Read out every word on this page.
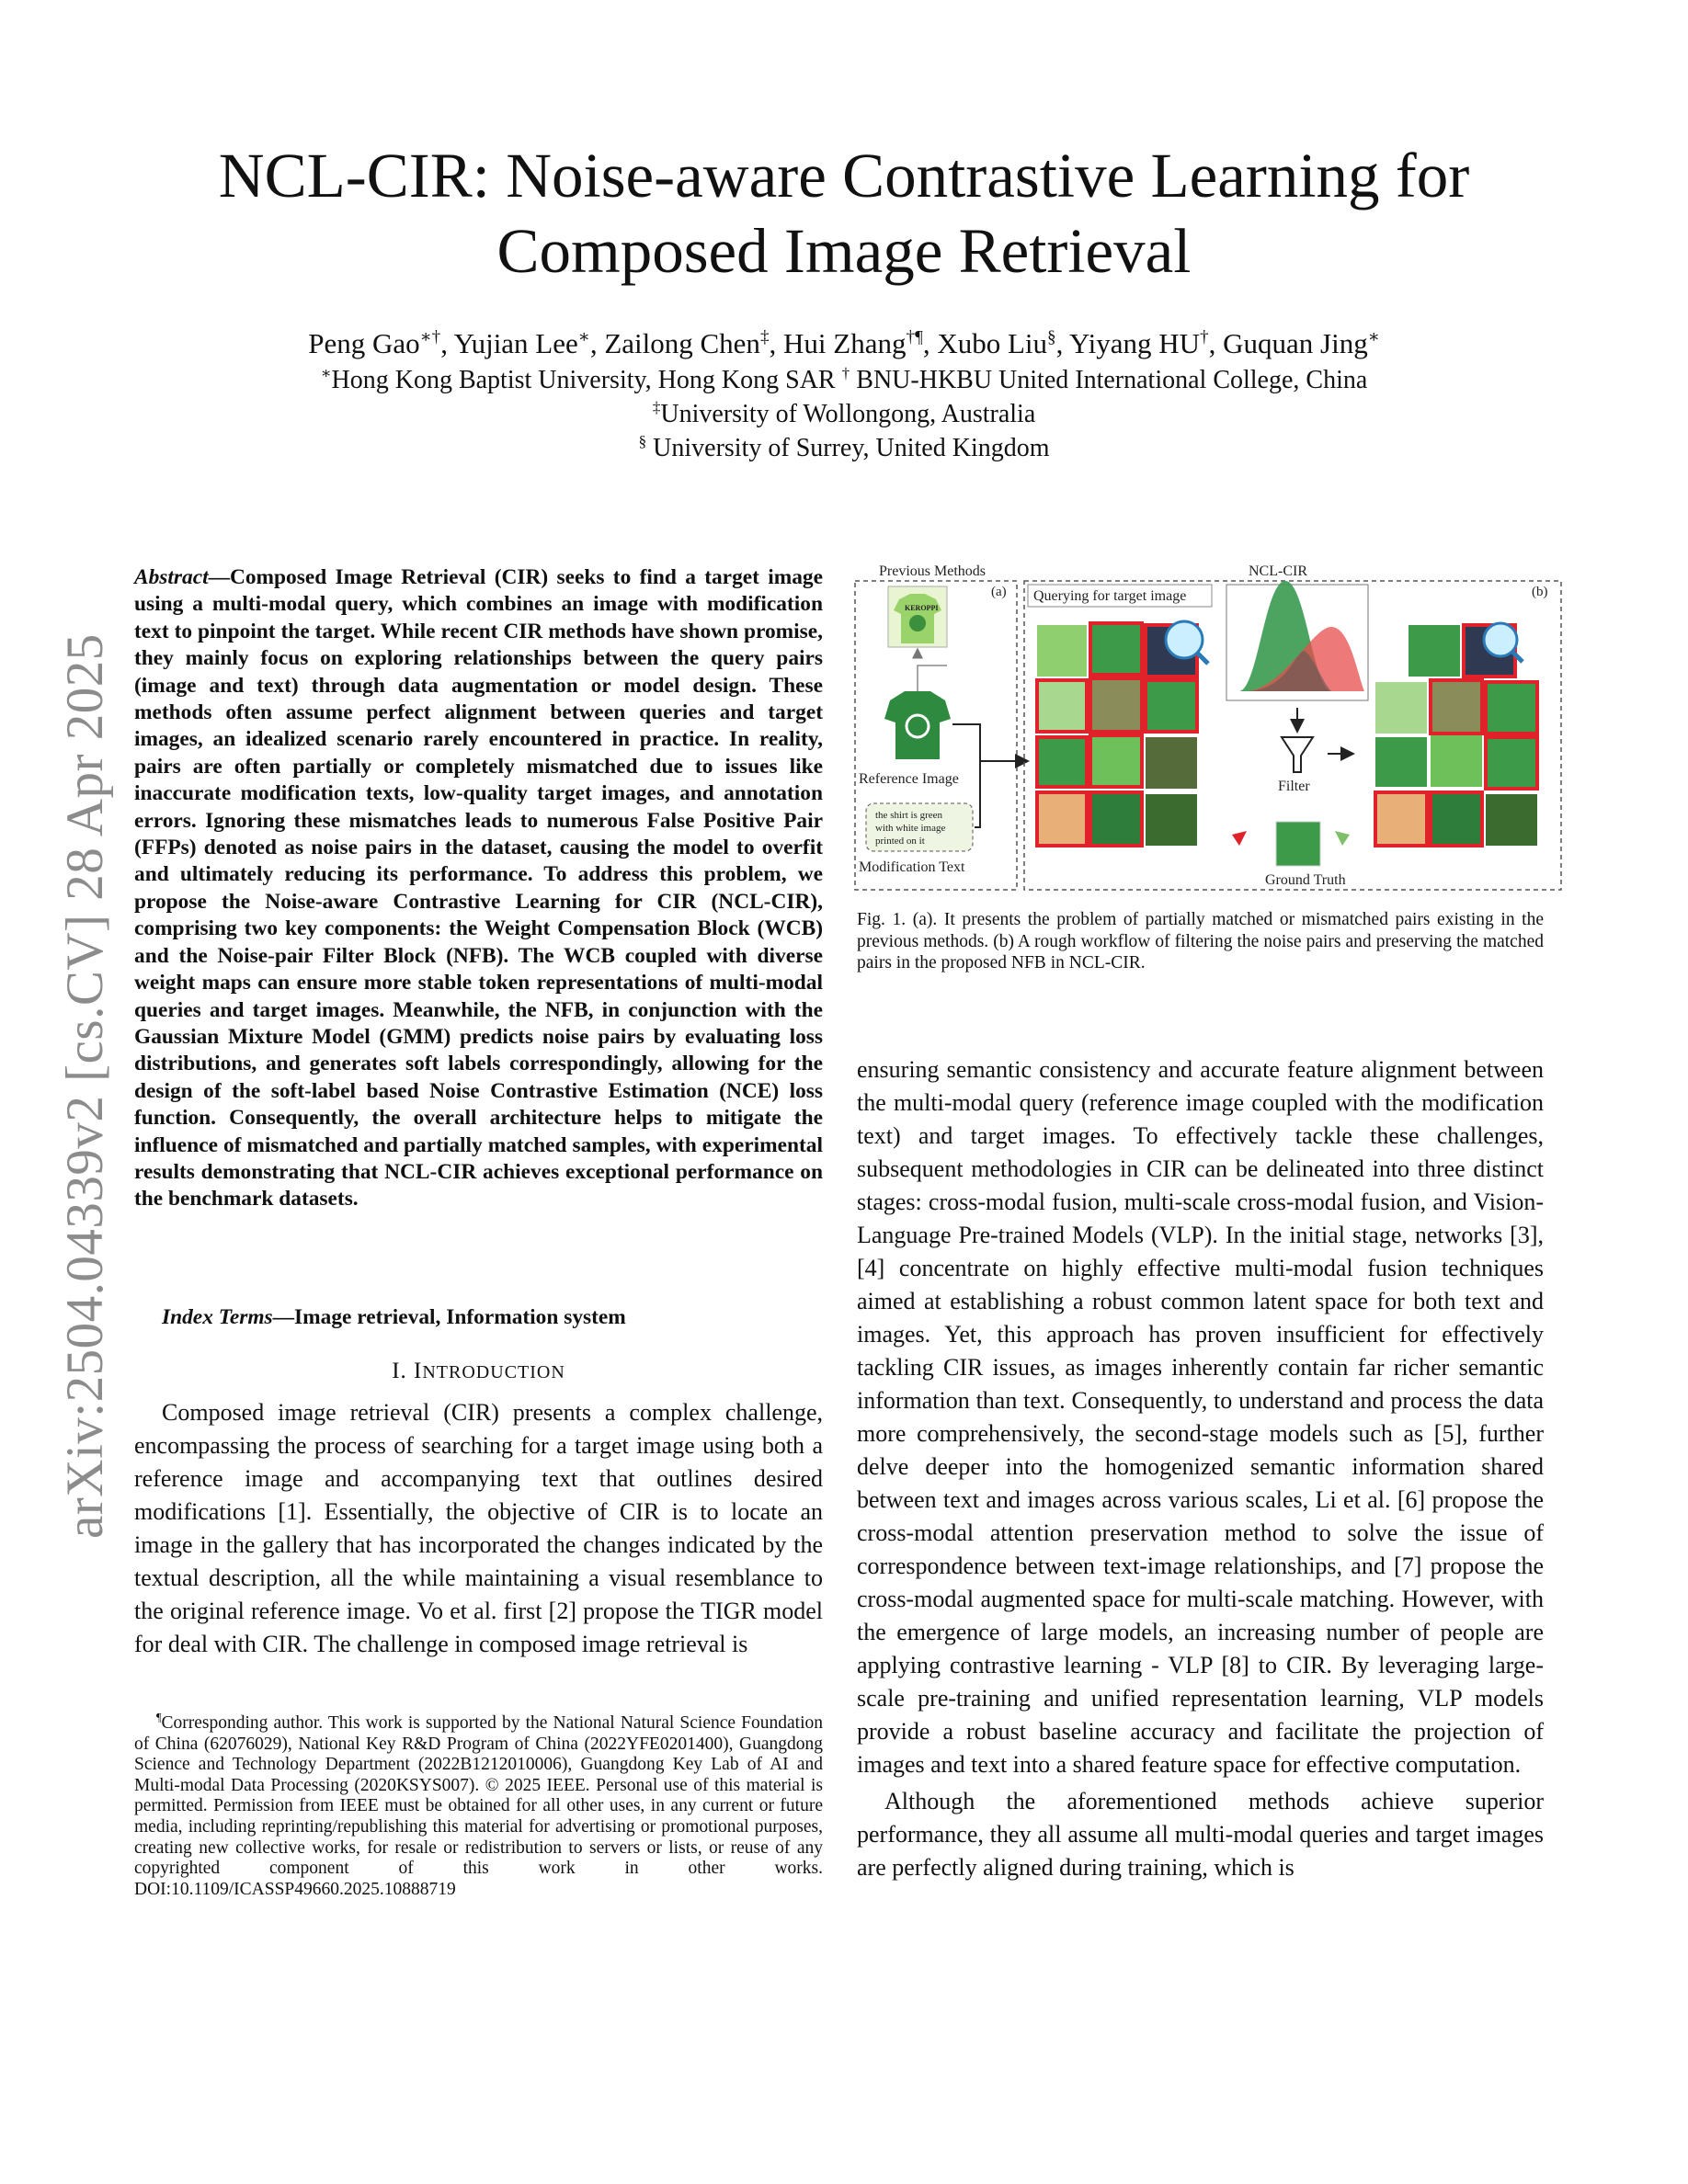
arXiv:2504.04339v2 [cs.CV] 28 Apr 2025
NCL-CIR: Noise-aware Contrastive Learning for
Composed Image Retrieval
Peng Gao∗†, Yujian Lee∗, Zailong Chen‡, Hui Zhang†¶, Xubo Liu§, Yiyang HU†, Guquan Jing∗
∗Hong Kong Baptist University, Hong Kong SAR † BNU-HKBU United International College, China
‡University of Wollongong, Australia
§ University of Surrey, United Kingdom
Abstract—Composed Image Retrieval (CIR) seeks to find a target image using a multi-modal query, which combines an image with modification text to pinpoint the target. While recent CIR methods have shown promise, they mainly focus on exploring relationships between the query pairs (image and text) through data augmentation or model design. These methods often assume perfect alignment between queries and target images, an idealized scenario rarely encountered in practice. In reality, pairs are often partially or completely mismatched due to issues like inaccurate modification texts, low-quality target images, and annotation errors. Ignoring these mismatches leads to numerous False Positive Pair (FFPs) denoted as noise pairs in the dataset, causing the model to overfit and ultimately reducing its performance. To address this problem, we propose the Noise-aware Contrastive Learning for CIR (NCL-CIR), comprising two key components: the Weight Compensation Block (WCB) and the Noise-pair Filter Block (NFB). The WCB coupled with diverse weight maps can ensure more stable token representations of multi-modal queries and target images. Meanwhile, the NFB, in conjunction with the Gaussian Mixture Model (GMM) predicts noise pairs by evaluating loss distributions, and generates soft labels correspondingly, allowing for the design of the soft-label based Noise Contrastive Estimation (NCE) loss function. Consequently, the overall architecture helps to mitigate the influence of mismatched and partially matched samples, with experimental results demonstrating that NCL-CIR achieves exceptional performance on the benchmark datasets.
Index Terms—Image retrieval, Information system
I. INTRODUCTION

Composed image retrieval (CIR) presents a complex challenge, encompassing the process of searching for a target image using both a reference image and accompanying text that outlines desired modifications [1]. Essentially, the objective of CIR is to locate an image in the gallery that has incorporated the changes indicated by the textual description, all the while maintaining a visual resemblance to the original reference image. Vo et al. first [2] propose the TIGR model for deal with CIR. The challenge in composed image retrieval is

¶Corresponding author. This work is supported by the National Natural Science Foundation of China (62076029), National Key R&D Program of China (2022YFE0201400), Guangdong Science and Technology Department (2022B1212010006), Guangdong Key Lab of AI and Multi-modal Data Processing (2020KSYS007). © 2025 IEEE. Personal use of this material is permitted. Permission from IEEE must be obtained for all other uses, in any current or future media, including reprinting/republishing this material for advertising or promotional purposes, creating new collective works, for resale or redistribution to servers or lists, or reuse of any copyrighted component of this work in other works. DOI:10.1109/ICASSP49660.2025.10888719

Previous Methods	NCL-CIR
(a)
KEROPPI
Reference Image
the shirt is green
with white image
printed on it
Modification Text
(b)
Querying for target image
Filter
Ground Truth
Fig. 1. (a). It presents the problem of partially matched or mismatched pairs existing in the previous methods. (b) A rough workflow of filtering the noise pairs and preserving the matched pairs in the proposed NFB in NCL-CIR.

ensuring semantic consistency and accurate feature alignment between the multi-modal query (reference image coupled with the modification text) and target images. To effectively tackle these challenges, subsequent methodologies in CIR can be delineated into three distinct stages: cross-modal fusion, multi-scale cross-modal fusion, and Vision-Language Pre-trained Models (VLP). In the initial stage, networks [3], [4] concentrate on highly effective multi-modal fusion techniques aimed at establishing a robust common latent space for both text and images. Yet, this approach has proven insufficient for effectively tackling CIR issues, as images inherently contain far richer semantic information than text. Consequently, to understand and process the data more comprehensively, the second-stage models such as [5], further delve deeper into the homogenized semantic information shared between text and images across various scales, Li et al. [6] propose the cross-modal attention preservation method to solve the issue of correspondence between text-image relationships, and [7] propose the cross-modal augmented space for multi-scale matching. However, with the emergence of large models, an increasing number of people are applying contrastive learning - VLP [8] to CIR. By leveraging large-scale pre-training and unified representation learning, VLP models provide a robust baseline accuracy and facilitate the projection of images and text into a shared feature space for effective computation.

Although the aforementioned methods achieve superior performance, they all assume all multi-modal queries and target images are perfectly aligned during training, which is
